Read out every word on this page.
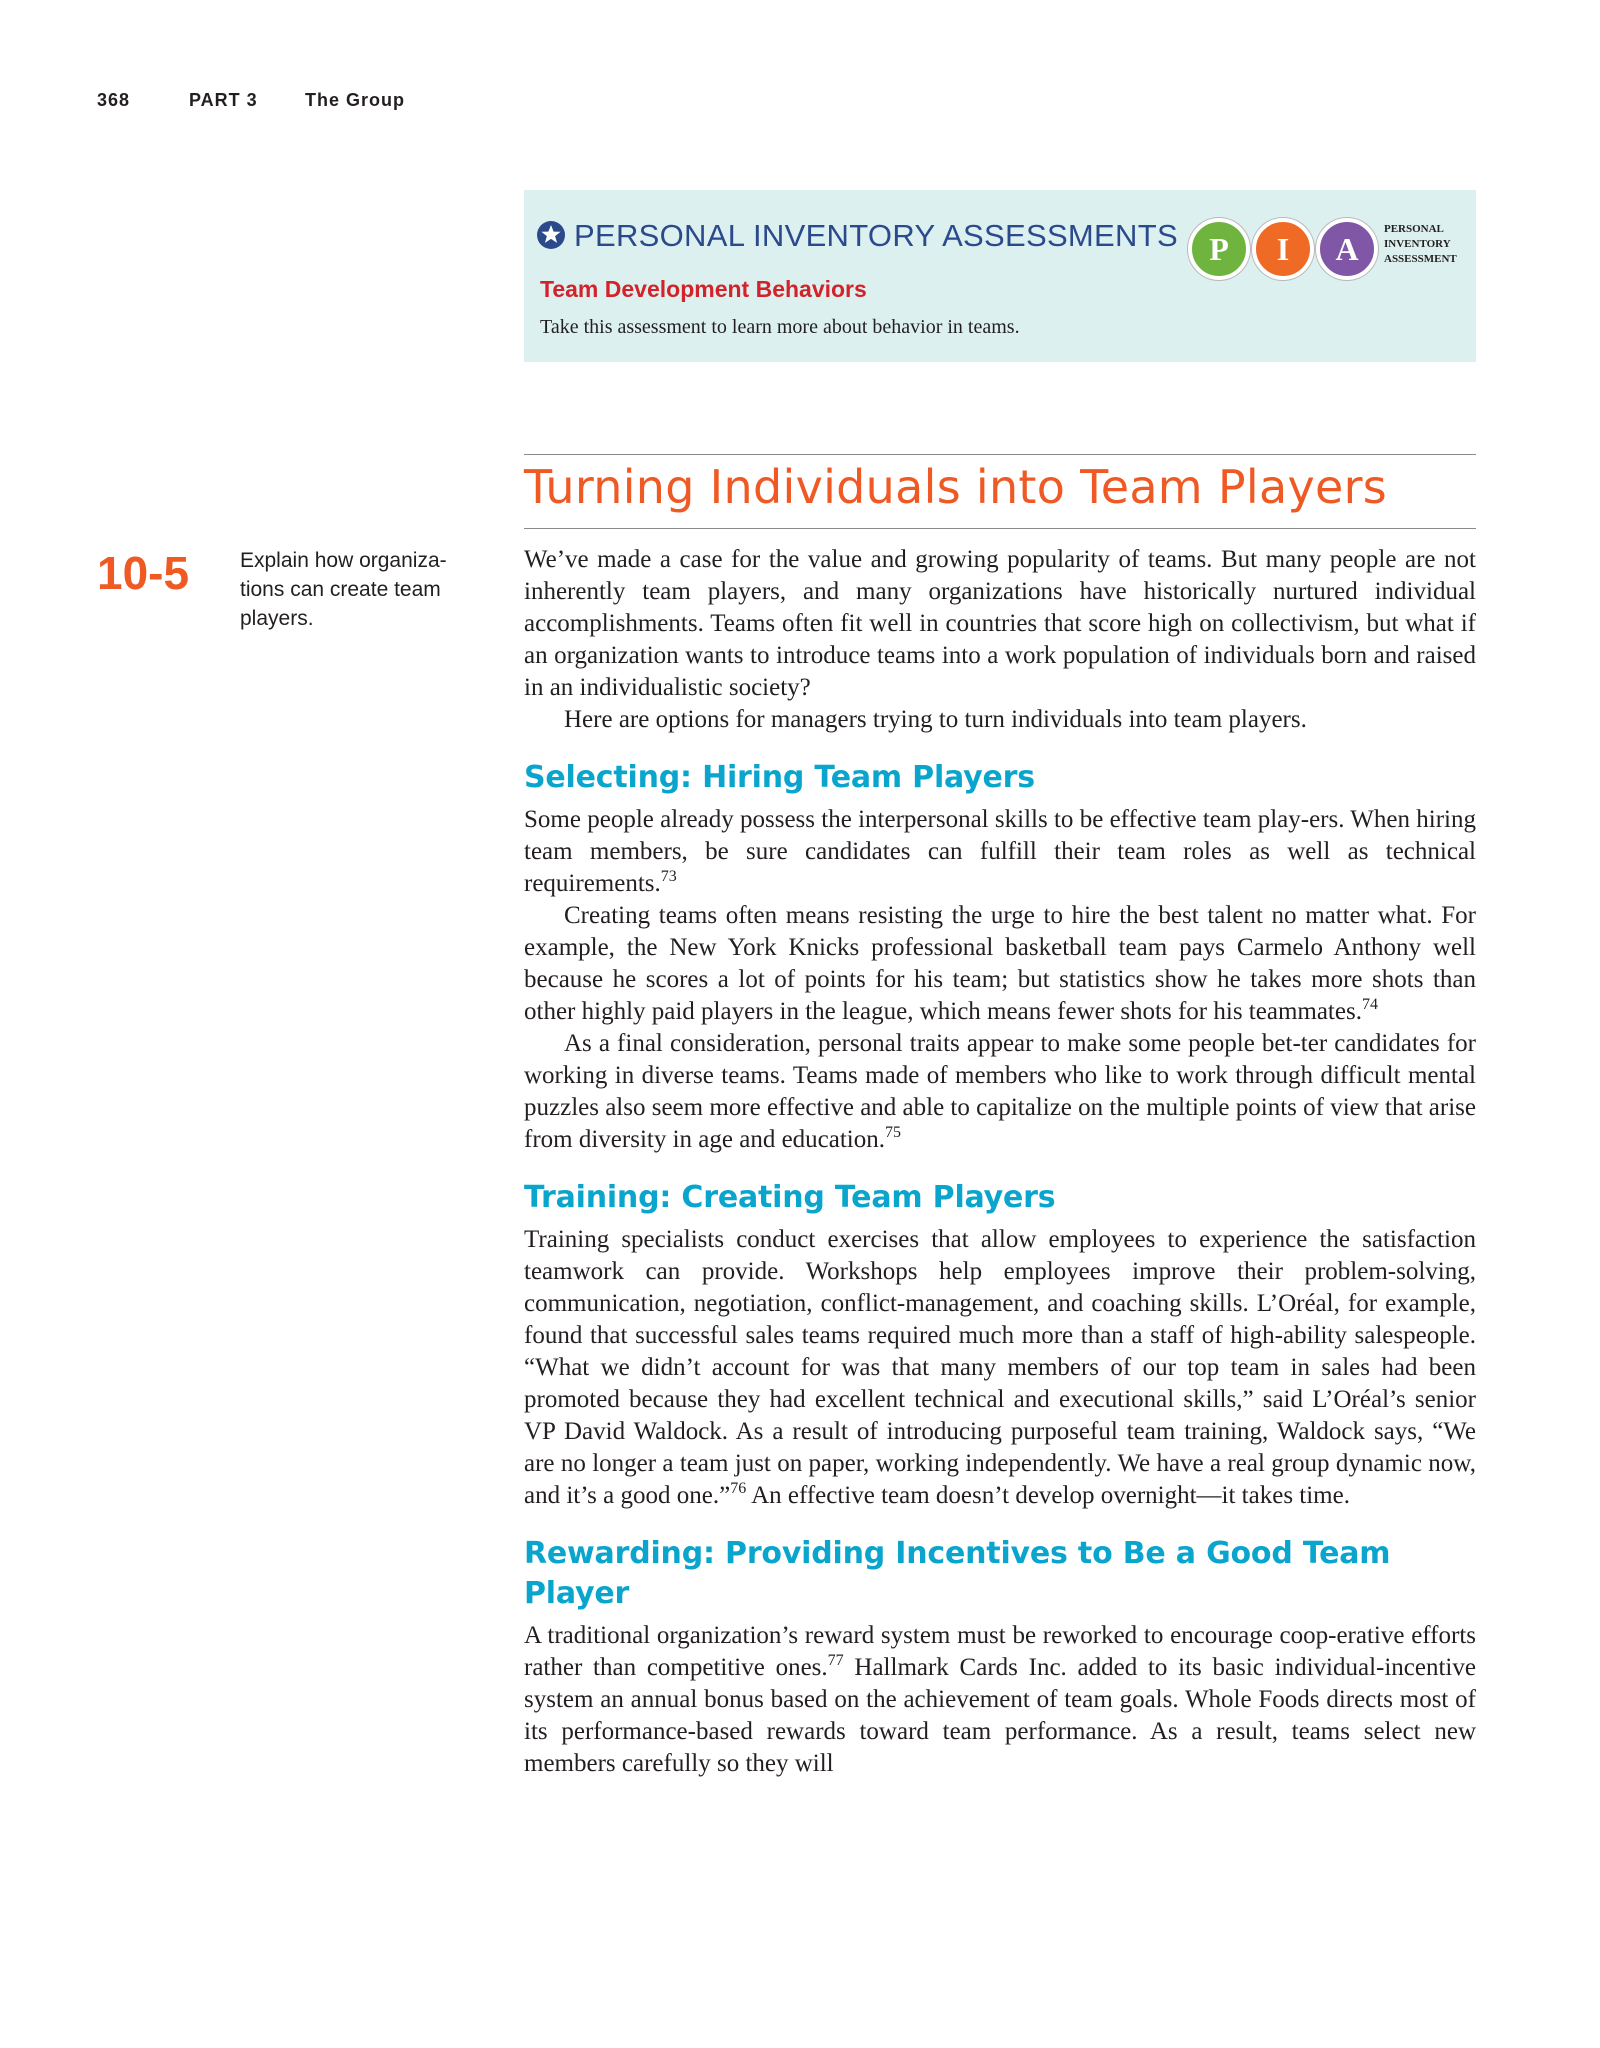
368	PART 3	The Group
PERSONAL INVENTORY ASSESSMENTS
Team Development Behaviors
Take this assessment to learn more about behavior in teams.
P	I	A
PERSONAL
INVENTORY
ASSESSMENT
Turning Individuals into Team Players
10-5 Explain how organiza-tions can create team players.

We’ve made a case for the value and growing popularity of teams. But many people are not inherently team players, and many organizations have historically nurtured individual accomplishments. Teams often fit well in countries that score high on collectivism, but what if an organization wants to introduce teams into a work population of individuals born and raised in an individualistic society?

Here are options for managers trying to turn individuals into team players.

Selecting: Hiring Team Players

Some people already possess the interpersonal skills to be effective team play-ers. When hiring team members, be sure candidates can fulfill their team roles as well as technical requirements.$^{73}$

Creating teams often means resisting the urge to hire the best talent no matter what. For example, the New York Knicks professional basketball team pays Carmelo Anthony well because he scores a lot of points for his team; but statistics show he takes more shots than other highly paid players in the league, which means fewer shots for his teammates.$^{74}$

As a final consideration, personal traits appear to make some people bet-ter candidates for working in diverse teams. Teams made of members who like to work through difficult mental puzzles also seem more effective and able to capitalize on the multiple points of view that arise from diversity in age and education.$^{75}$

Training: Creating Team Players

Training specialists conduct exercises that allow employees to experience the satisfaction teamwork can provide. Workshops help employees improve their problem-solving, communication, negotiation, conflict-management, and coaching skills. L’Oréal, for example, found that successful sales teams required much more than a staff of high-ability salespeople. “What we didn’t account for was that many members of our top team in sales had been promoted because they had excellent technical and executional skills,” said L’Oréal’s senior VP David Waldock. As a result of introducing purposeful team training, Waldock says, “We are no longer a team just on paper, working independently. We have a real group dynamic now, and it’s a good one.”$^{76}$ An effective team doesn’t develop overnight—it takes time.

Rewarding: Providing Incentives to Be a Good Team Player

A traditional organization’s reward system must be reworked to encourage coop-erative efforts rather than competitive ones.$^{77}$ Hallmark Cards Inc. added to its basic individual-incentive system an annual bonus based on the achievement of team goals. Whole Foods directs most of its performance-based rewards toward team performance. As a result, teams select new members carefully so they will
